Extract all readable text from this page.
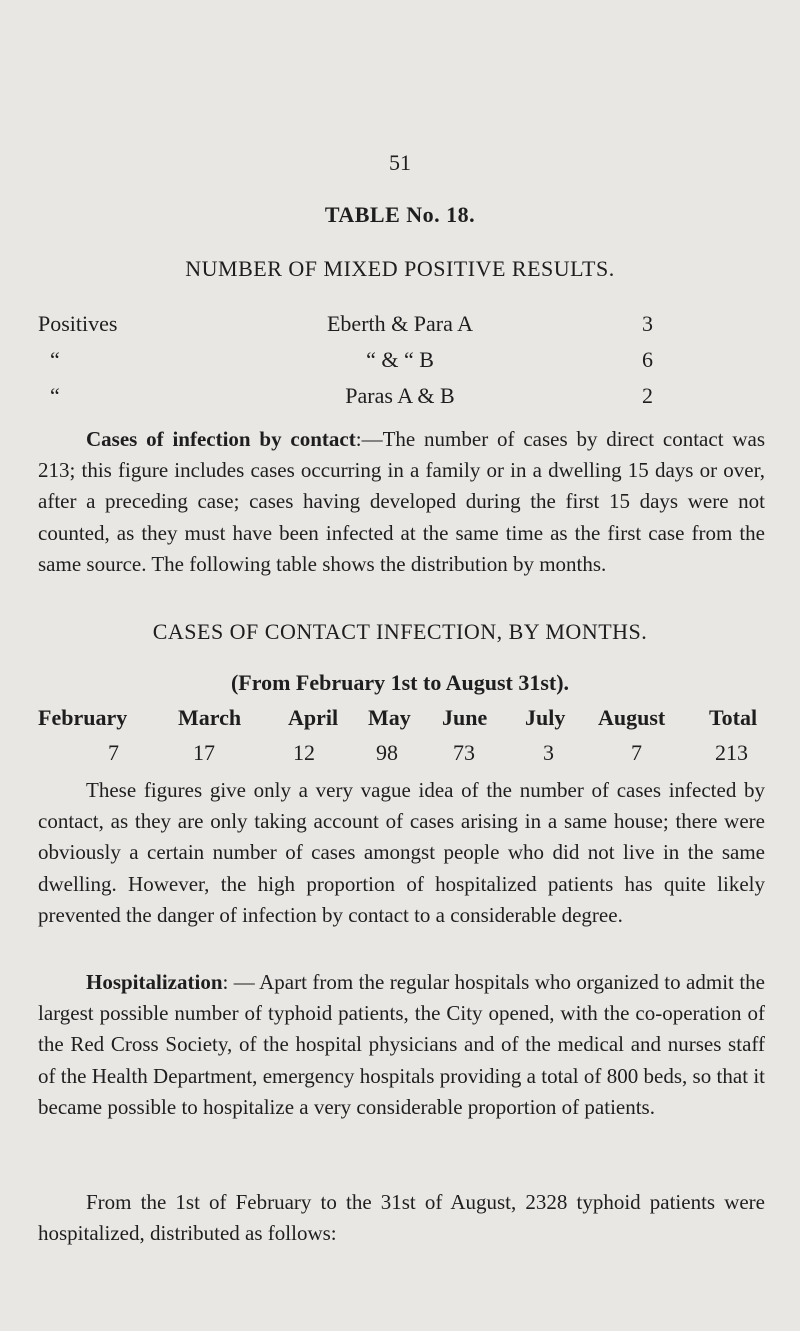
51
TABLE No. 18.
NUMBER OF MIXED POSITIVE RESULTS.
Positives	Eberth & Para A	3
“	“ & “ B	6
“	Paras A & B	2
Cases of infection by contact:—The number of cases by direct contact was 213; this figure includes cases occurring in a family or in a dwelling 15 days or over, after a preceding case; cases having developed during the first 15 days were not counted, as they must have been infected at the same time as the first case from the same source. The following table shows the distribution by months.
CASES OF CONTACT INFECTION, BY MONTHS.
(From February 1st to August 31st).
February March April May June July August Total
7	17	12	98	73	3	7	213
These figures give only a very vague idea of the number of cases infected by contact, as they are only taking account of cases arising in a same house; there were obviously a certain number of cases amongst people who did not live in the same dwelling. However, the high proportion of hospitalized patients has quite likely prevented the danger of infection by contact to a considerable degree.
Hospitalization: — Apart from the regular hospitals who organized to admit the largest possible number of typhoid patients, the City opened, with the co-operation of the Red Cross Society, of the hospital physicians and of the medical and nurses staff of the Health Department, emergency hospitals providing a total of 800 beds, so that it became possible to hospitalize a very considerable proportion of patients.
From the 1st of February to the 31st of August, 2328 typhoid patients were hospitalized, distributed as follows:
